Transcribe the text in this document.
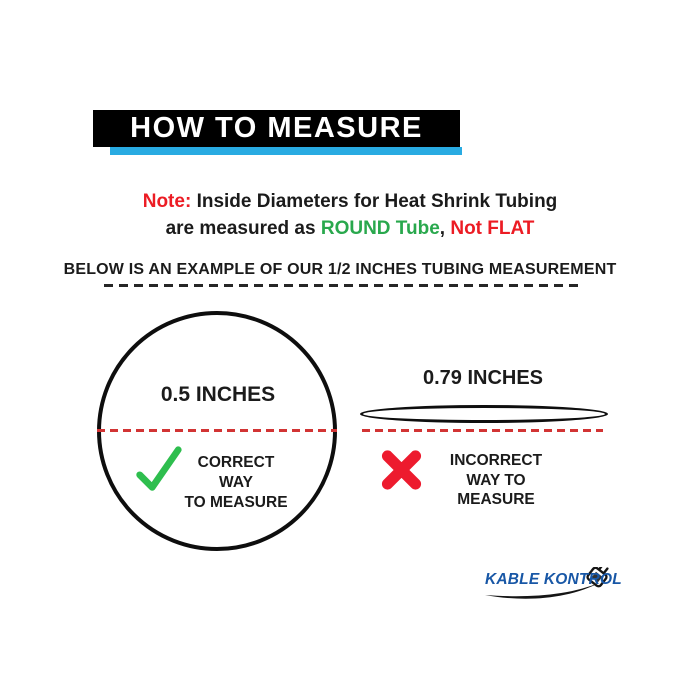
HOW TO MEASURE
Note: Inside Diameters for Heat Shrink Tubing
are measured as ROUND Tube, Not FLAT
BELOW IS AN EXAMPLE OF OUR 1/2 INCHES TUBING MEASUREMENT
0.5 INCHES
CORRECT WAY
TO MEASURE
0.79 INCHES
INCORRECT
WAY TO
MEASURE
KABLE KONTROL
